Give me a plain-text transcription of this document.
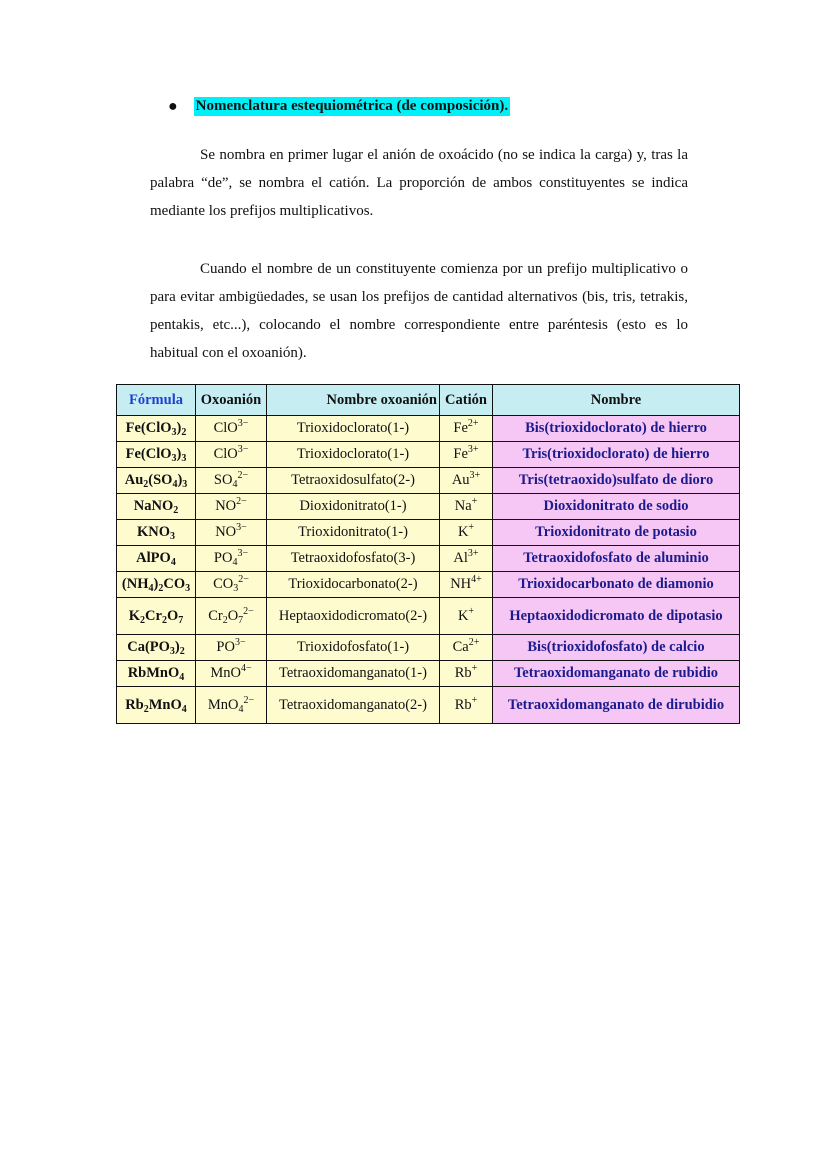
● Nomenclatura estequiométrica (de composición).

Se nombra en primer lugar el anión de oxoácido (no se indica la carga) y, tras la palabra “de”, se nombra el catión. La proporción de ambos constituyentes se indica mediante los prefijos multiplicativos.

Cuando el nombre de un constituyente comienza por un prefijo multiplicativo o para evitar ambigüedades, se usan los prefijos de cantidad alternativos (bis, tris, tetrakis, pentakis, etc...), colocando el nombre correspondiente entre paréntesis (esto es lo habitual con el oxoanión).

Fórmula	Oxoanión	Nombre oxoanión	Catión	Nombre
$Fe(ClO_3)_2$	ClO$^{3-}$	Trioxidoclorato(1-)	$Fe^{2+}$	Bis(trioxidoclorato) de hierro
$Fe(ClO_3)_3$	ClO$^{3-}$	Trioxidoclorato(1-)	$Fe^{3+}$	Tris(trioxidoclorato) de hierro
$Au_2(SO_4)_3$	$SO_4^{2-}$	Tetraoxidosulfato(2-)	$Au^{3+}$	Tris(tetraoxido)sulfato de dioro
NaNO$_2$	$NO^{2-}$	Dioxidonitrato(1-)	Na+	Dioxidonitrato de sodio
$KNO_3$	$NO^{3-}$	Trioxidonitrato(1-)	K+	Trioxidonitrato de potasio
AlPO$_4$	$PO_4^{3-}$	Tetraoxidofosfato(3-)	$Al^{3+}$	Tetraoxidofosfato de aluminio
$(NH_4)_2CO_3$	$CO_3^{2-}$	Trioxidocarbonato(2-)	$NH^{4+}$	Trioxidocarbonato de diamonio
$K_2Cr_2O_7$	$Cr_2O_7^{2-}$	Heptaoxidodicromato(2-)	K+	Heptaoxidodicromato de dipotasio
$Ca(PO_3)_2$	$PO^{3-}$	Trioxidofosfato(1-)	$Ca^{2+}$	Bis(trioxidofosfato) de calcio
RbMnO$_4$	MnO$^{4-}$	Tetraoxidomanganato(1-)	Rb+	Tetraoxidomanganato de rubidio
$Rb_2MnO_4$	MnO$_4^{2-}$	Tetraoxidomanganato(2-)	Rb+	Tetraoxidomanganato de dirubidio
